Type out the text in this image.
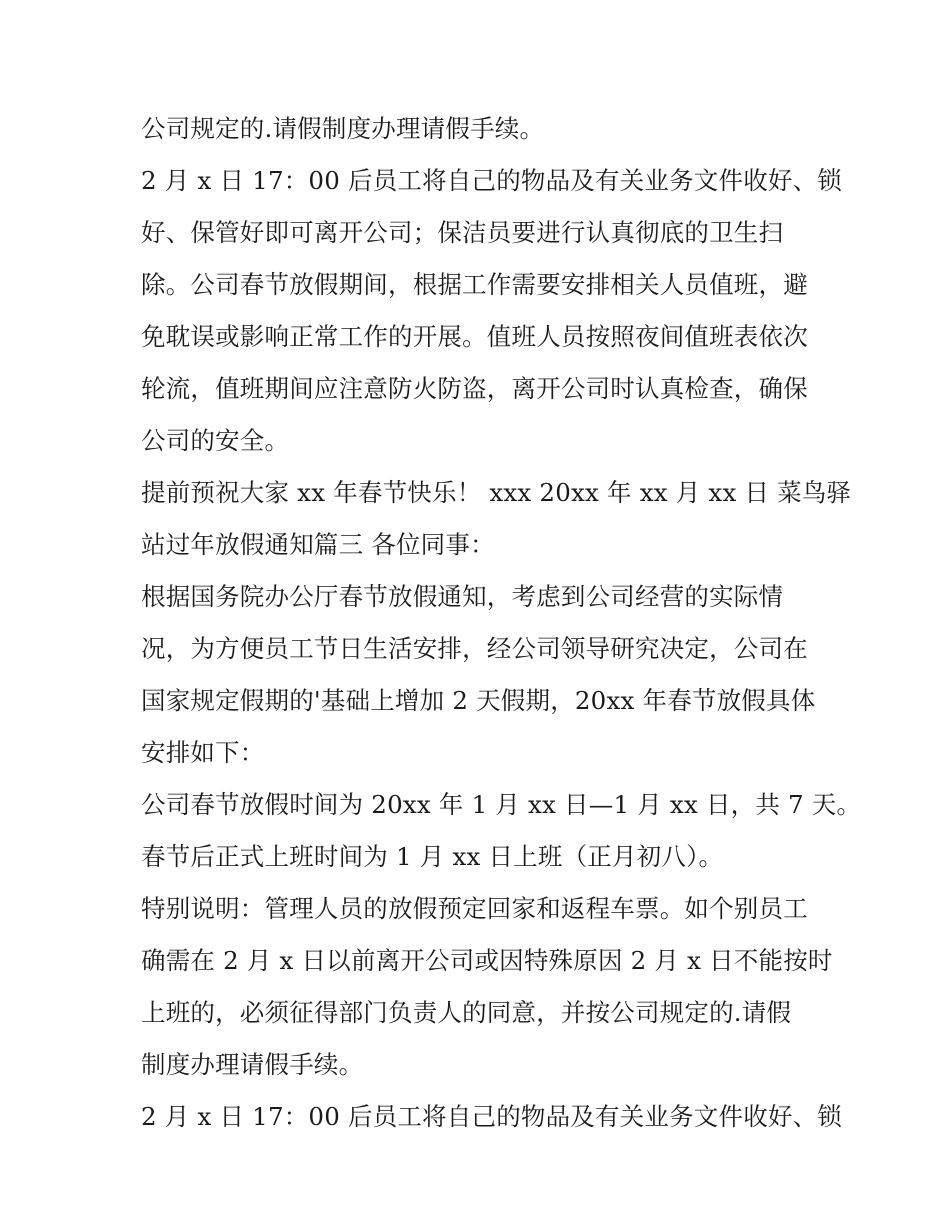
公司规定的.请假制度办理请假手续。
2 月 x 日 17：00 后员工将自己的物品及有关业务文件收好、锁
好、保管好即可离开公司；保洁员要进行认真彻底的卫生扫
除。公司春节放假期间，根据工作需要安排相关人员值班，避
免耽误或影响正常工作的开展。值班人员按照夜间值班表依次
轮流，值班期间应注意防火防盗，离开公司时认真检查，确保
公司的安全。
提前预祝大家 xx 年春节快乐！ xxx 20xx 年 xx 月 xx 日 菜鸟驿
站过年放假通知篇三 各位同事：
根据国务院办公厅春节放假通知，考虑到公司经营的实际情
况，为方便员工节日生活安排，经公司领导研究决定，公司在
国家规定假期的'基础上增加 2 天假期，20xx 年春节放假具体
安排如下：
公司春节放假时间为 20xx 年 1 月 xx 日—1 月 xx 日，共 7 天。
春节后正式上班时间为 1 月 xx 日上班（正月初八）。
特别说明：管理人员的放假预定回家和返程车票。如个别员工
确需在 2 月 x 日以前离开公司或因特殊原因 2 月 x 日不能按时
上班的，必须征得部门负责人的同意，并按公司规定的.请假
制度办理请假手续。
2 月 x 日 17：00 后员工将自己的物品及有关业务文件收好、锁
